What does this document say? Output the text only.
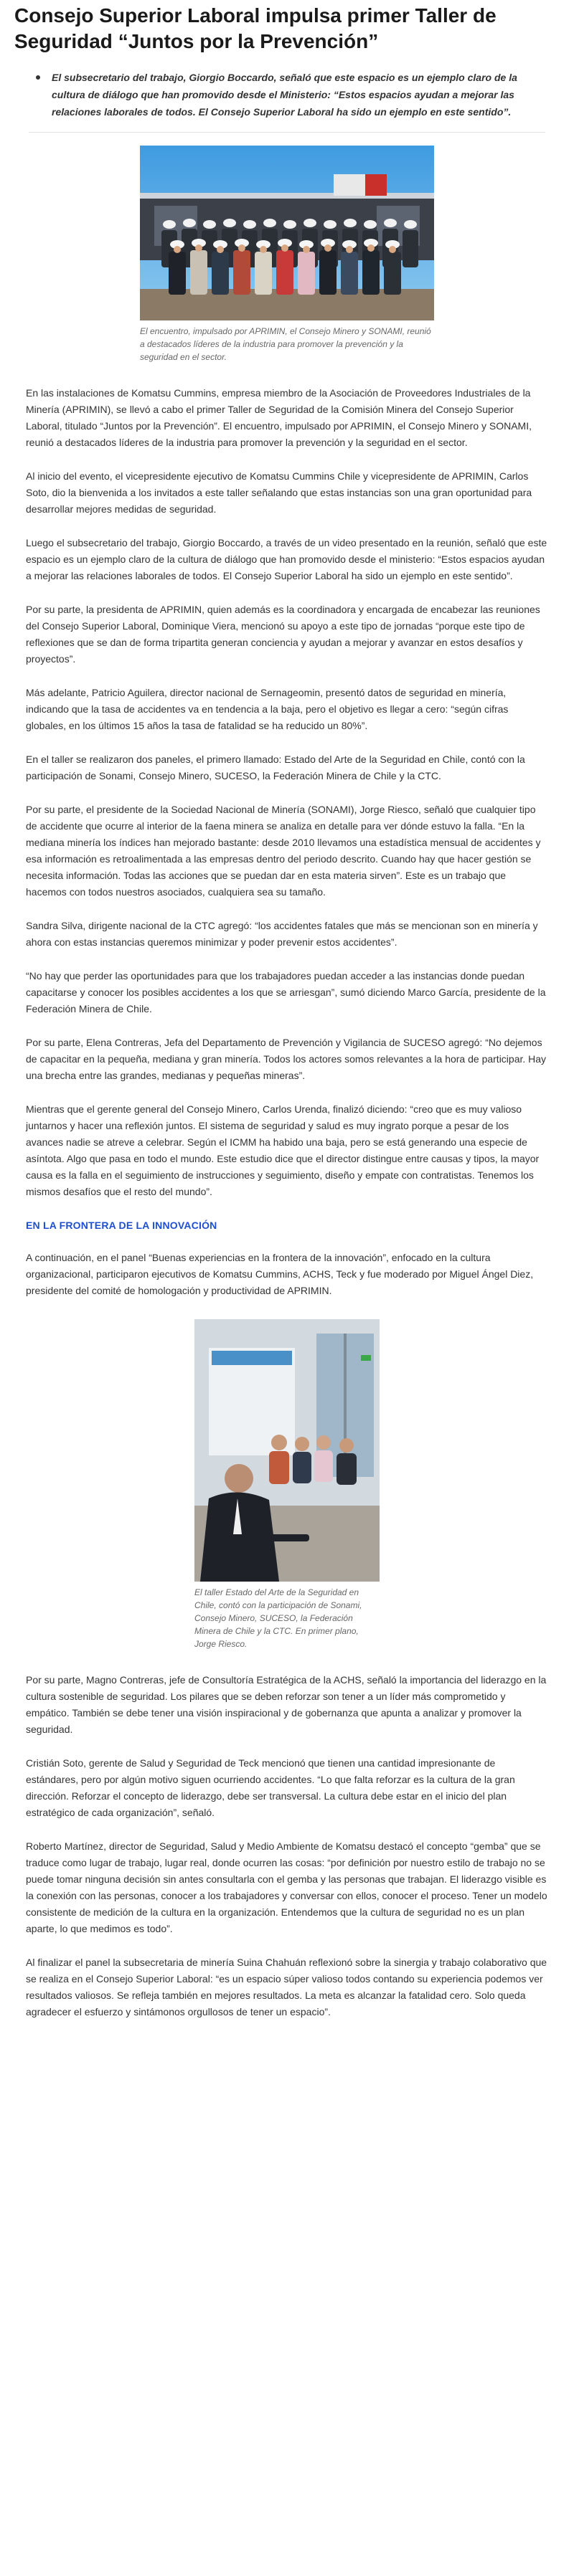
Consejo Superior Laboral impulsa primer Taller de Seguridad “Juntos por la Prevención”

El subsecretario del trabajo, Giorgio Boccardo, señaló que este espacio es un ejemplo claro de la cultura de diálogo que han promovido desde el Ministerio: “Estos espacios ayudan a mejorar las relaciones laborales de todos. El Consejo Superior Laboral ha sido un ejemplo en este sentido”.

El encuentro, impulsado por APRIMIN, el Consejo Minero y SONAMI, reunió a destacados líderes de la industria para promover la prevención y la seguridad en el sector.

En las instalaciones de Komatsu Cummins, empresa miembro de la Asociación de Proveedores Industriales de la Minería (APRIMIN), se llevó a cabo el primer Taller de Seguridad de la Comisión Minera del Consejo Superior Laboral, titulado “Juntos por la Prevención”. El encuentro, impulsado por APRIMIN, el Consejo Minero y SONAMI, reunió a destacados líderes de la industria para promover la prevención y la seguridad en el sector.

Al inicio del evento, el vicepresidente ejecutivo de Komatsu Cummins Chile y vicepresidente de APRIMIN, Carlos Soto, dio la bienvenida a los invitados a este taller señalando que estas instancias son una gran oportunidad para desarrollar mejores medidas de seguridad.

Luego el subsecretario del trabajo, Giorgio Boccardo, a través de un video presentado en la reunión, señaló que este espacio es un ejemplo claro de la cultura de diálogo que han promovido desde el ministerio: “Estos espacios ayudan a mejorar las relaciones laborales de todos. El Consejo Superior Laboral ha sido un ejemplo en este sentido”.

Por su parte, la presidenta de APRIMIN, quien además es la coordinadora y encargada de encabezar las reuniones del Consejo Superior Laboral, Dominique Viera, mencionó su apoyo a este tipo de jornadas “porque este tipo de reflexiones que se dan de forma tripartita generan conciencia y ayudan a mejorar y avanzar en estos desafíos y proyectos”.

Más adelante, Patricio Aguilera, director nacional de Sernageomin, presentó datos de seguridad en minería, indicando que la tasa de accidentes va en tendencia a la baja, pero el objetivo es llegar a cero: “según cifras globales, en los últimos 15 años la tasa de fatalidad se ha reducido un 80%”.

En el taller se realizaron dos paneles, el primero llamado: Estado del Arte de la Seguridad en Chile, contó con la participación de Sonami, Consejo Minero, SUCESO, la Federación Minera de Chile y la CTC.

Por su parte, el presidente de la Sociedad Nacional de Minería (SONAMI), Jorge Riesco, señaló que cualquier tipo de accidente que ocurre al interior de la faena minera se analiza en detalle para ver dónde estuvo la falla. “En la mediana minería los índices han mejorado bastante: desde 2010 llevamos una estadística mensual de accidentes y esa información es retroalimentada a las empresas dentro del periodo descrito. Cuando hay que hacer gestión se necesita información. Todas las acciones que se puedan dar en esta materia sirven”. Este es un trabajo que hacemos con todos nuestros asociados, cualquiera sea su tamaño.

Sandra Silva, dirigente nacional de la CTC agregó: “los accidentes fatales que más se mencionan son en minería y ahora con estas instancias queremos minimizar y poder prevenir estos accidentes”.

“No hay que perder las oportunidades para que los trabajadores puedan acceder a las instancias donde puedan capacitarse y conocer los posibles accidentes a los que se arriesgan”, sumó diciendo Marco García, presidente de la Federación Minera de Chile.

Por su parte, Elena Contreras, Jefa del Departamento de Prevención y Vigilancia de SUCESO agregó: “No dejemos de capacitar en la pequeña, mediana y gran minería. Todos los actores somos relevantes a la hora de participar. Hay una brecha entre las grandes, medianas y pequeñas mineras”.

Mientras que el gerente general del Consejo Minero, Carlos Urenda, finalizó diciendo: “creo que es muy valioso juntarnos y hacer una reflexión juntos. El sistema de seguridad y salud es muy ingrato porque a pesar de los avances nadie se atreve a celebrar. Según el ICMM ha habido una baja, pero se está generando una especie de asíntota. Algo que pasa en todo el mundo. Este estudio dice que el director distingue entre causas y tipos, la mayor causa es la falla en el seguimiento de instrucciones y seguimiento, diseño y empate con contratistas. Tenemos los mismos desafíos que el resto del mundo”.

EN LA FRONTERA DE LA INNOVACIÓN

A continuación, en el panel “Buenas experiencias en la frontera de la innovación”, enfocado en la cultura organizacional, participaron ejecutivos de Komatsu Cummins, ACHS, Teck y fue moderado por Miguel Ángel Diez, presidente del comité de homologación y productividad de APRIMIN.

El taller Estado del Arte de la Seguridad en Chile, contó con la participación de Sonami, Consejo Minero, SUCESO, la Federación Minera de Chile y la CTC. En primer plano, Jorge Riesco.

Por su parte, Magno Contreras, jefe de Consultoría Estratégica de la ACHS, señaló la importancia del liderazgo en la cultura sostenible de seguridad. Los pilares que se deben reforzar son tener a un líder más comprometido y empático. También se debe tener una visión inspiracional y de gobernanza que apunta a analizar y promover la seguridad.

Cristián Soto, gerente de Salud y Seguridad de Teck mencionó que tienen una cantidad impresionante de estándares, pero por algún motivo siguen ocurriendo accidentes. “Lo que falta reforzar es la cultura de la gran dirección. Reforzar el concepto de liderazgo, debe ser transversal. La cultura debe estar en el inicio del plan estratégico de cada organización”, señaló.

Roberto Martínez, director de Seguridad, Salud y Medio Ambiente de Komatsu destacó el concepto “gemba” que se traduce como lugar de trabajo, lugar real, donde ocurren las cosas: “por definición por nuestro estilo de trabajo no se puede tomar ninguna decisión sin antes consultarla con el gemba y las personas que trabajan. El liderazgo visible es la conexión con las personas, conocer a los trabajadores y conversar con ellos, conocer el proceso. Tener un modelo consistente de medición de la cultura en la organización. Entendemos que la cultura de seguridad no es un plan aparte, lo que medimos es todo”.

Al finalizar el panel la subsecretaria de minería Suina Chahuán reflexionó sobre la sinergia y trabajo colaborativo que se realiza en el Consejo Superior Laboral: “es un espacio súper valioso todos contando su experiencia podemos ver resultados valiosos. Se refleja también en mejores resultados. La meta es alcanzar la fatalidad cero. Solo queda agradecer el esfuerzo y sintámonos orgullosos de tener un espacio”.
